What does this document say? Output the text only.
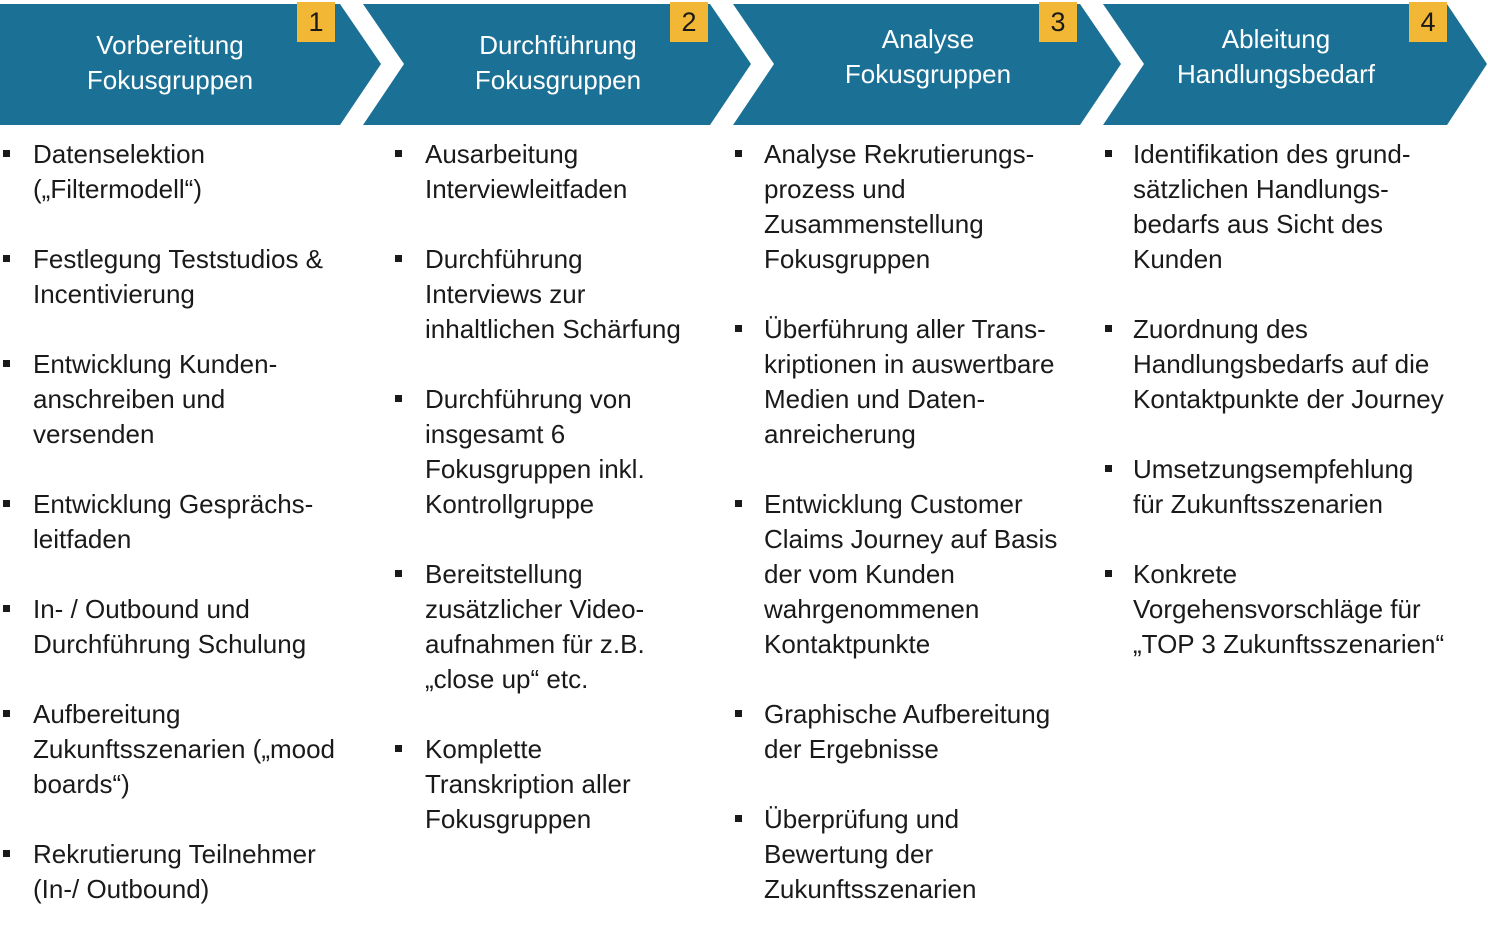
Vorbereitung
Fokusgruppen
Durchführung
Fokusgruppen
Analyse
Fokusgruppen
Ableitung
Handlungsbedarf
1	2	3	4
Datenselektion
(„Filtermodell“)
Festlegung Teststudios &
Incentivierung
Entwicklung Kunden-
anschreiben und
versenden
Entwicklung Gesprächs-
leitfaden
In- / Outbound und
Durchführung Schulung
Aufbereitung
Zukunftsszenarien („mood
boards“)
Rekrutierung Teilnehmer
(In-/ Outbound)
Ausarbeitung
Interviewleitfaden
Durchführung
Interviews zur
inhaltlichen Schärfung
Durchführung von
insgesamt 6
Fokusgruppen inkl.
Kontrollgruppe
Bereitstellung
zusätzlicher Video-
aufnahmen für z.B.
„close up“ etc.
Komplette
Transkription aller
Fokusgruppen
Analyse Rekrutierungs-
prozess und
Zusammenstellung
Fokusgruppen
Überführung aller Trans-
kriptionen in auswertbare
Medien und Daten-
anreicherung
Entwicklung Customer
Claims Journey auf Basis
der vom Kunden
wahrgenommenen
Kontaktpunkte
Graphische Aufbereitung
der Ergebnisse
Überprüfung und
Bewertung der
Zukunftsszenarien
Identifikation des grund-
sätzlichen Handlungs-
bedarfs aus Sicht des
Kunden
Zuordnung des
Handlungsbedarfs auf die
Kontaktpunkte der Journey
Umsetzungsempfehlung
für Zukunftsszenarien
Konkrete
Vorgehensvorschläge für
„TOP 3 Zukunftsszenarien“
